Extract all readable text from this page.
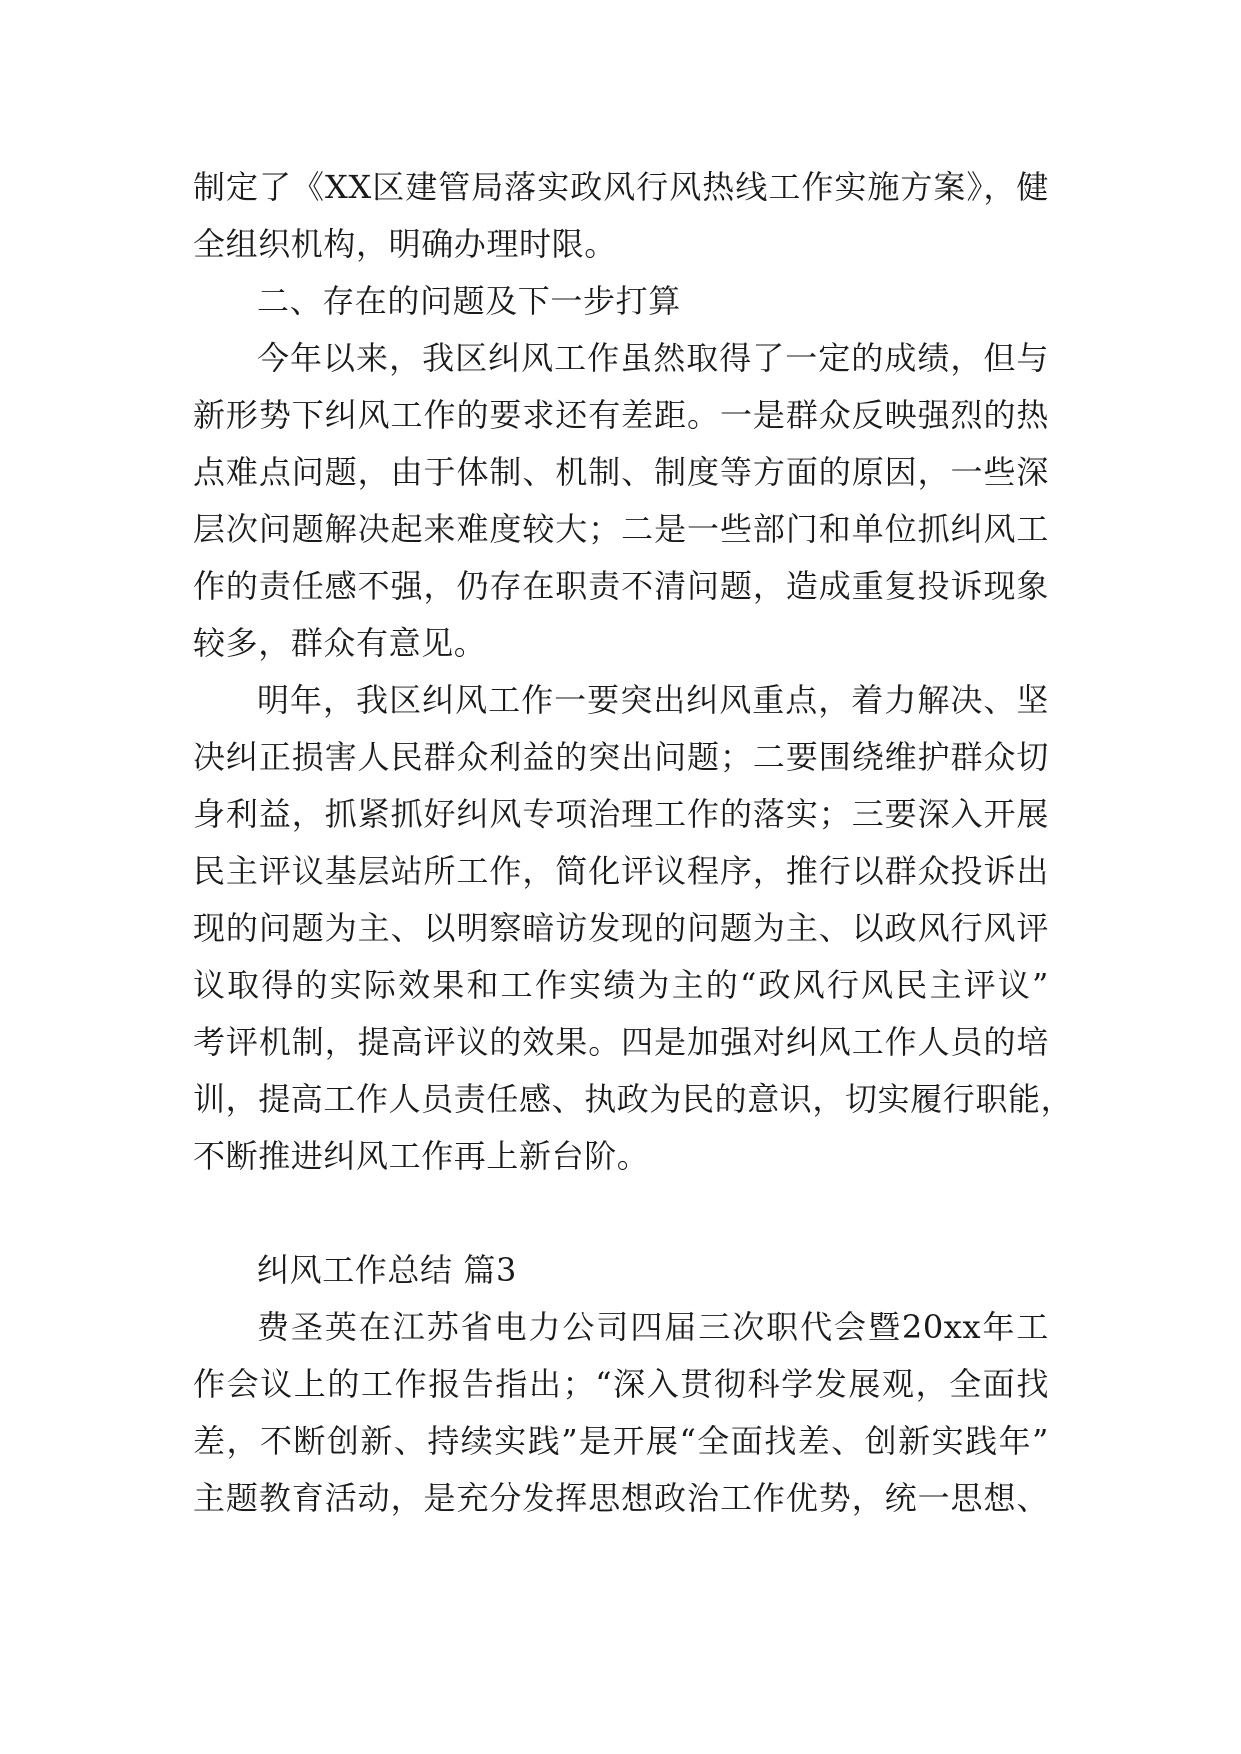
制定了《XX区建管局落实政风行风热线工作实施方案》，健
全组织机构，明确办理时限。
二、存在的问题及下一步打算
今年以来，我区纠风工作虽然取得了一定的成绩，但与
新形势下纠风工作的要求还有差距。一是群众反映强烈的热
点难点问题，由于体制、机制、制度等方面的原因，一些深
层次问题解决起来难度较大；二是一些部门和单位抓纠风工
作的责任感不强，仍存在职责不清问题，造成重复投诉现象
较多，群众有意见。
明年，我区纠风工作一要突出纠风重点，着力解决、坚
决纠正损害人民群众利益的突出问题；二要围绕维护群众切
身利益，抓紧抓好纠风专项治理工作的落实；三要深入开展
民主评议基层站所工作，简化评议程序，推行以群众投诉出
现的问题为主、以明察暗访发现的问题为主、以政风行风评
议取得的实际效果和工作实绩为主的“政风行风民主评议”
考评机制，提高评议的效果。四是加强对纠风工作人员的培
训，提高工作人员责任感、执政为民的意识，切实履行职能，
不断推进纠风工作再上新台阶。
纠风工作总结 篇3
费圣英在江苏省电力公司四届三次职代会暨20xx年工
作会议上的工作报告指出；“深入贯彻科学发展观，全面找
差，不断创新、持续实践”是开展“全面找差、创新实践年”
主题教育活动，是充分发挥思想政治工作优势，统一思想、
